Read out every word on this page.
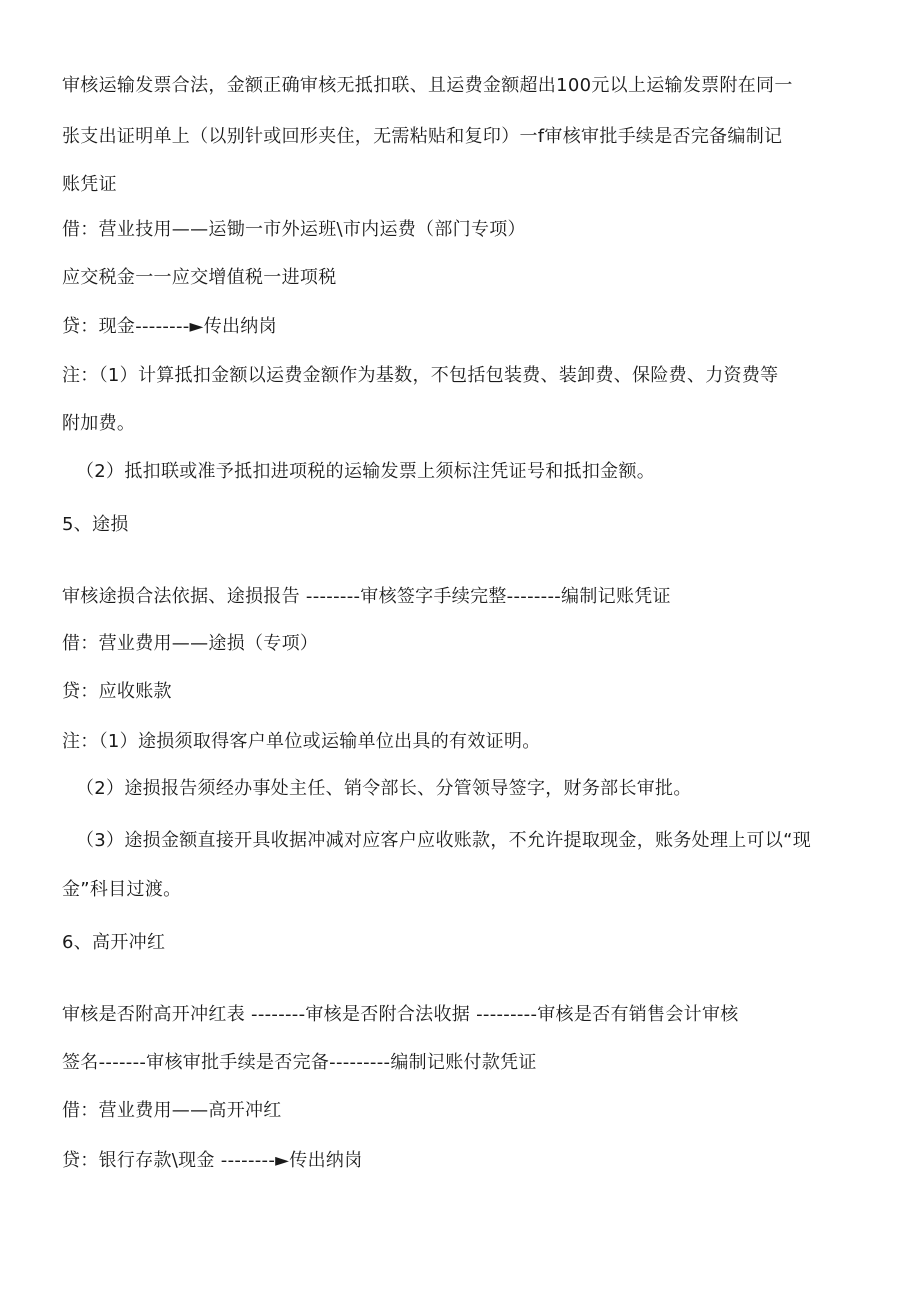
审核运输发票合法，金额正确审核无抵扣联、且运费金额超出100元以上运输发票附在同一
张支出证明单上（以别针或回形夹住，无需粘贴和复印）一f审核审批手续是否完备编制记
账凭证
借：营业技用——运锄一市外运班\市内运费（部门专项）
应交税金一一应交增值税一进项税
贷：现金--------►传出纳岗
注：（1）计算抵扣金额以运费金额作为基数，不包括包装费、装卸费、保险费、力资费等
附加费。
（2）抵扣联或准予抵扣进项税的运输发票上须标注凭证号和抵扣金额。
5、途损
审核途损合法依据、途损报告 --------审核签字手续完整--------编制记账凭证
借：营业费用——途损（专项）
贷：应收账款
注：（1）途损须取得客户单位或运输单位出具的有效证明。
（2）途损报告须经办事处主任、销令部长、分管领导签字，财务部长审批。
（3）途损金额直接开具收据冲减对应客户应收账款，不允许提取现金，账务处理上可以“现
金”科目过渡。
6、高开冲红
审核是否附高开冲红表 --------审核是否附合法收据 ---------审核是否有销售会计审核
签名-------审核审批手续是否完备---------编制记账付款凭证
借：营业费用——高开冲红
贷：银行存款\现金 --------►传出纳岗
